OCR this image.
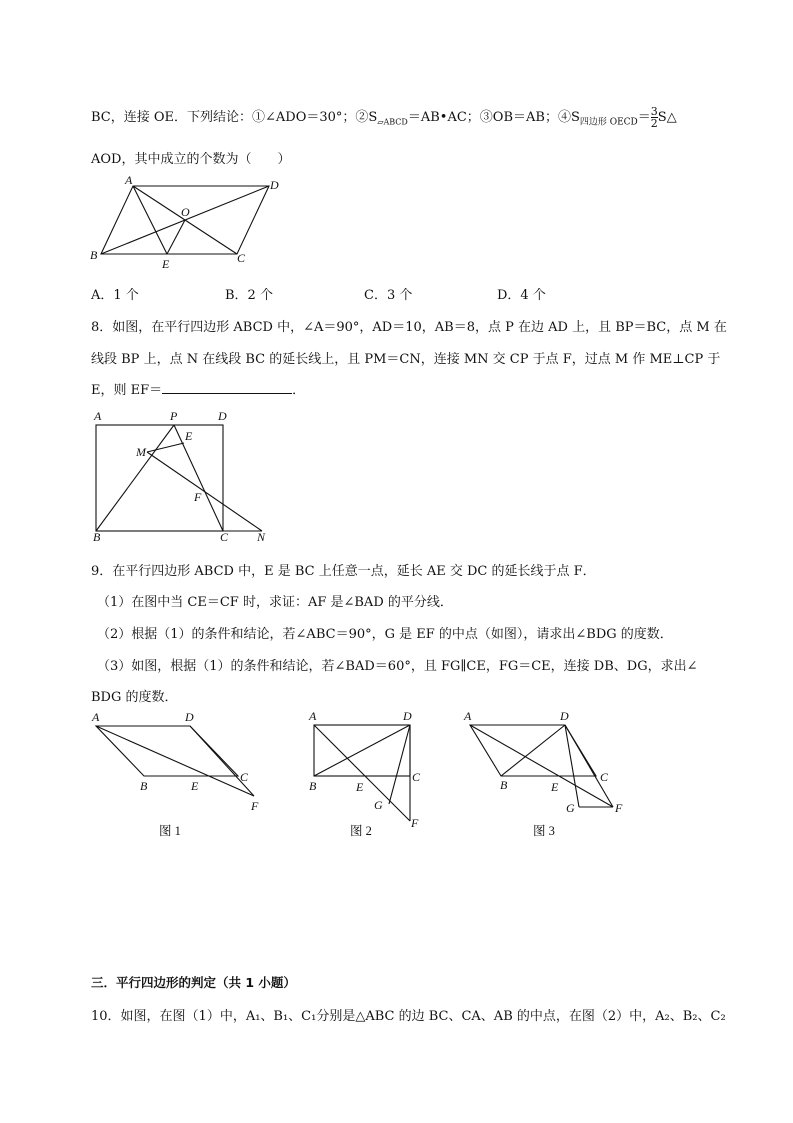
BC，连接 OE．下列结论：①∠ADO＝30°；$②S_{▱ABCD}=AB•AC$；③OB＝AB；$④S_{四边形 OECD}= \frac{3}{2}$ S△
AOD，其中成立的个数为（　　）
A	D
O
B
E	C
A．1 个	B．2 个	C．3 个	D．4 个
8．如图，在平行四边形 ABCD 中，∠A＝90°，AD＝10，AB＝8，点 P 在边 AD 上，且 BP＝BC，点 M 在
线段 BP 上，点 N 在线段 BC 的延长线上，且 PM＝CN，连接 MN 交 CP 于点 F，过点 M 作 ME⊥CP 于
E，则 EF＝	．
A	P	D
E
M
F
B	C N
9．在平行四边形 ABCD 中，E 是 BC 上任意一点，延长 AE 交 DC 的延长线于点 F．
（1）在图中当 CE＝CF 时，求证：AF 是∠BAD 的平分线．
（2）根据（1）的条件和结论，若∠ABC＝90°，G 是 EF 的中点（如图），请求出∠BDG 的度数．
（3）如图，根据（1）的条件和结论，若∠BAD＝60°，且 FG∥CE，FG＝CE，连接 DB、DG，求出∠
BDG 的度数．
A	D
B	E
C
F
图 1
A	D
B	E
C
G
F
图 2
A	D
B	E
C
G	F
图 3
三．平行四边形的判定（共 1 小题）
10．如图，在图（1）中，A₁、B₁、C₁分别是△ABC 的边 BC、CA、AB 的中点，在图（2）中，A₂、B₂、C₂
